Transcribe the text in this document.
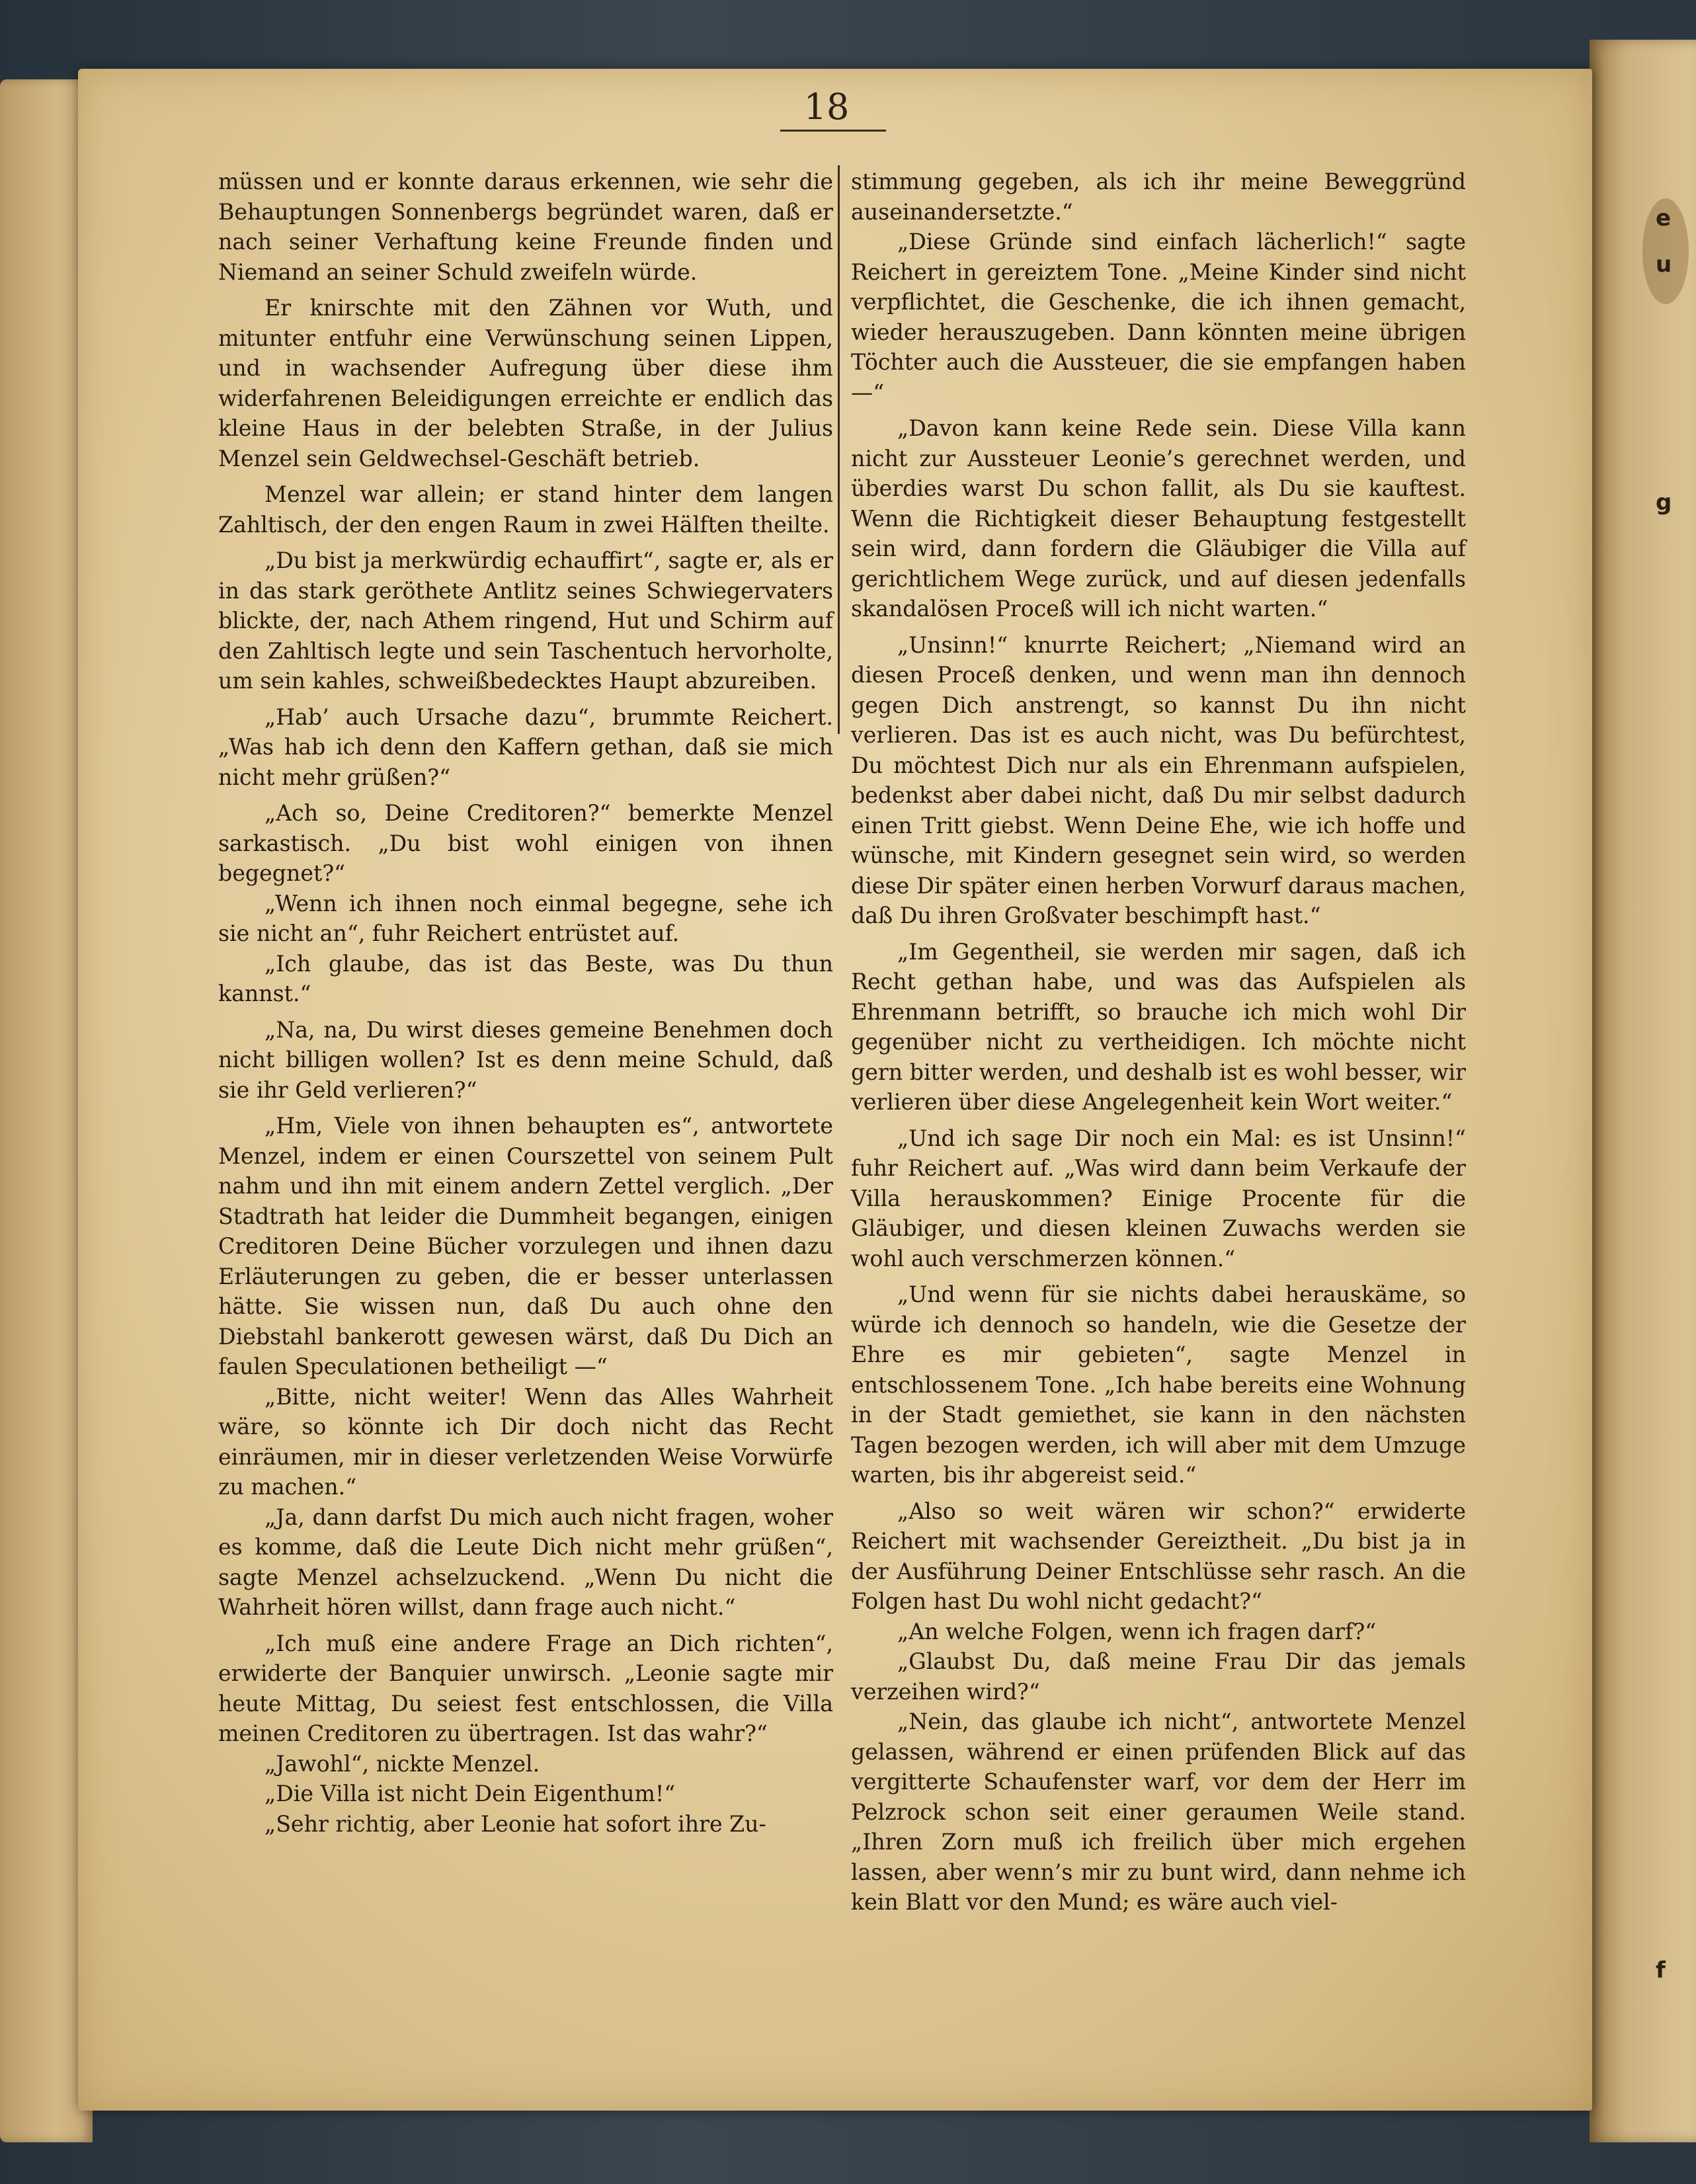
e
u
g
f

18

müssen und er konnte daraus erkennen, wie sehr die Behauptungen Sonnenbergs begründet waren, daß er nach seiner Verhaftung keine Freunde finden und Niemand an seiner Schuld zweifeln würde.

Er knirschte mit den Zähnen vor Wuth, und mitunter entfuhr eine Verwünschung seinen Lippen, und in wachsender Aufregung über diese ihm widerfahrenen Beleidigungen erreichte er endlich das kleine Haus in der belebten Straße, in der Julius Menzel sein Geldwechsel-Geschäft betrieb.

Menzel war allein; er stand hinter dem langen Zahltisch, der den engen Raum in zwei Hälften theilte.

„Du bist ja merkwürdig echauffirt“, sagte er, als er in das stark geröthete Antlitz seines Schwiegervaters blickte, der, nach Athem ringend, Hut und Schirm auf den Zahltisch legte und sein Taschentuch hervorholte, um sein kahles, schweißbedecktes Haupt abzureiben.

„Hab’ auch Ursache dazu“, brummte Reichert. „Was hab ich denn den Kaffern gethan, daß sie mich nicht mehr grüßen?“

„Ach so, Deine Creditoren?“ bemerkte Menzel sarkastisch. „Du bist wohl einigen von ihnen begegnet?“

„Wenn ich ihnen noch einmal begegne, sehe ich sie nicht an“, fuhr Reichert entrüstet auf.

„Ich glaube, das ist das Beste, was Du thun kannst.“

„Na, na, Du wirst dieses gemeine Benehmen doch nicht billigen wollen? Ist es denn meine Schuld, daß sie ihr Geld verlieren?“

„Hm, Viele von ihnen behaupten es“, antwortete Menzel, indem er einen Courszettel von seinem Pult nahm und ihn mit einem andern Zettel verglich. „Der Stadtrath hat leider die Dummheit begangen, einigen Creditoren Deine Bücher vorzulegen und ihnen dazu Erläuterungen zu geben, die er besser unterlassen hätte. Sie wissen nun, daß Du auch ohne den Diebstahl bankerott gewesen wärst, daß Du Dich an faulen Speculationen betheiligt —“

„Bitte, nicht weiter! Wenn das Alles Wahrheit wäre, so könnte ich Dir doch nicht das Recht einräumen, mir in dieser verletzenden Weise Vorwürfe zu machen.“

„Ja, dann darfst Du mich auch nicht fragen, woher es komme, daß die Leute Dich nicht mehr grüßen“, sagte Menzel achselzuckend. „Wenn Du nicht die Wahrheit hören willst, dann frage auch nicht.“

„Ich muß eine andere Frage an Dich richten“, erwiderte der Banquier unwirsch. „Leonie sagte mir heute Mittag, Du seiest fest entschlossen, die Villa meinen Creditoren zu übertragen. Ist das wahr?“

„Jawohl“, nickte Menzel.

„Die Villa ist nicht Dein Eigenthum!“

„Sehr richtig, aber Leonie hat sofort ihre Zu-

stimmung gegeben, als ich ihr meine Beweggründ auseinandersetzte.“

„Diese Gründe sind einfach lächerlich!“ sagte Reichert in gereiztem Tone. „Meine Kinder sind nicht verpflichtet, die Geschenke, die ich ihnen gemacht, wieder herauszugeben. Dann könnten meine übrigen Töchter auch die Aussteuer, die sie empfangen haben —“

„Davon kann keine Rede sein. Diese Villa kann nicht zur Aussteuer Leonie’s gerechnet werden, und überdies warst Du schon fallit, als Du sie kauftest. Wenn die Richtigkeit dieser Behauptung festgestellt sein wird, dann fordern die Gläubiger die Villa auf gerichtlichem Wege zurück, und auf diesen jedenfalls skandalösen Proceß will ich nicht warten.“

„Unsinn!“ knurrte Reichert; „Niemand wird an diesen Proceß denken, und wenn man ihn dennoch gegen Dich anstrengt, so kannst Du ihn nicht verlieren. Das ist es auch nicht, was Du befürchtest, Du möchtest Dich nur als ein Ehrenmann aufspielen, bedenkst aber dabei nicht, daß Du mir selbst dadurch einen Tritt giebst. Wenn Deine Ehe, wie ich hoffe und wünsche, mit Kindern gesegnet sein wird, so werden diese Dir später einen herben Vorwurf daraus machen, daß Du ihren Großvater beschimpft hast.“

„Im Gegentheil, sie werden mir sagen, daß ich Recht gethan habe, und was das Aufspielen als Ehrenmann betrifft, so brauche ich mich wohl Dir gegenüber nicht zu vertheidigen. Ich möchte nicht gern bitter werden, und deshalb ist es wohl besser, wir verlieren über diese Angelegenheit kein Wort weiter.“

„Und ich sage Dir noch ein Mal: es ist Unsinn!“ fuhr Reichert auf. „Was wird dann beim Verkaufe der Villa herauskommen? Einige Procente für die Gläubiger, und diesen kleinen Zuwachs werden sie wohl auch verschmerzen können.“

„Und wenn für sie nichts dabei herauskäme, so würde ich dennoch so handeln, wie die Gesetze der Ehre es mir gebieten“, sagte Menzel in entschlossenem Tone. „Ich habe bereits eine Wohnung in der Stadt gemiethet, sie kann in den nächsten Tagen bezogen werden, ich will aber mit dem Umzuge warten, bis ihr abgereist seid.“

„Also so weit wären wir schon?“ erwiderte Reichert mit wachsender Gereiztheit. „Du bist ja in der Ausführung Deiner Entschlüsse sehr rasch. An die Folgen hast Du wohl nicht gedacht?“

„An welche Folgen, wenn ich fragen darf?“

„Glaubst Du, daß meine Frau Dir das jemals verzeihen wird?“

„Nein, das glaube ich nicht“, antwortete Menzel gelassen, während er einen prüfenden Blick auf das vergitterte Schaufenster warf, vor dem der Herr im Pelzrock schon seit einer geraumen Weile stand. „Ihren Zorn muß ich freilich über mich ergehen lassen, aber wenn’s mir zu bunt wird, dann nehme ich kein Blatt vor den Mund; es wäre auch viel-
